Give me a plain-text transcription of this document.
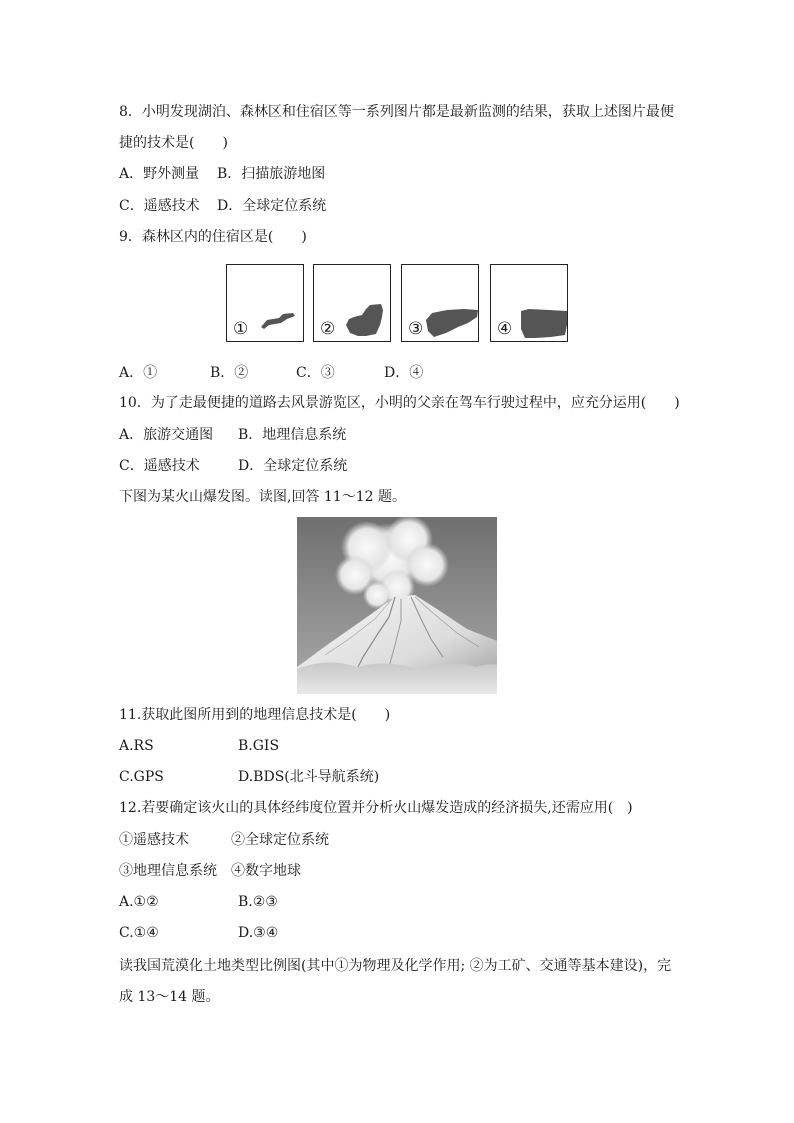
8．小明发现湖泊、森林区和住宿区等一系列图片都是最新监测的结果，获取上述图片最便
捷的技术是(　　)
A．野外测量 B．扫描旅游地图
C．遥感技术 D．全球定位系统
9．森林区内的住宿区是(　　)
①	②	③	④
A．①	B．②	C．③	D．④
10．为了走最便捷的道路去风景游览区，小明的父亲在驾车行驶过程中，应充分运用(　　)
A．旅游交通图 B．地理信息系统
C．遥感技术	D．全球定位系统
下图为某火山爆发图。读图,回答 11～12 题。
11.获取此图所用到的地理信息技术是(　　)
A.RS	B.GIS
C.GPS	D.BDS(北斗导航系统)
12.若要确定该火山的具体经纬度位置并分析火山爆发造成的经济损失,还需应用(　)
①遥感技术	②全球定位系统
③地理信息系统 ④数字地球
A.①②	B.②③
C.①④	D.③④
读我国荒漠化土地类型比例图(其中①为物理及化学作用; ②为工矿、交通等基本建设)，完
成 13～14 题。
